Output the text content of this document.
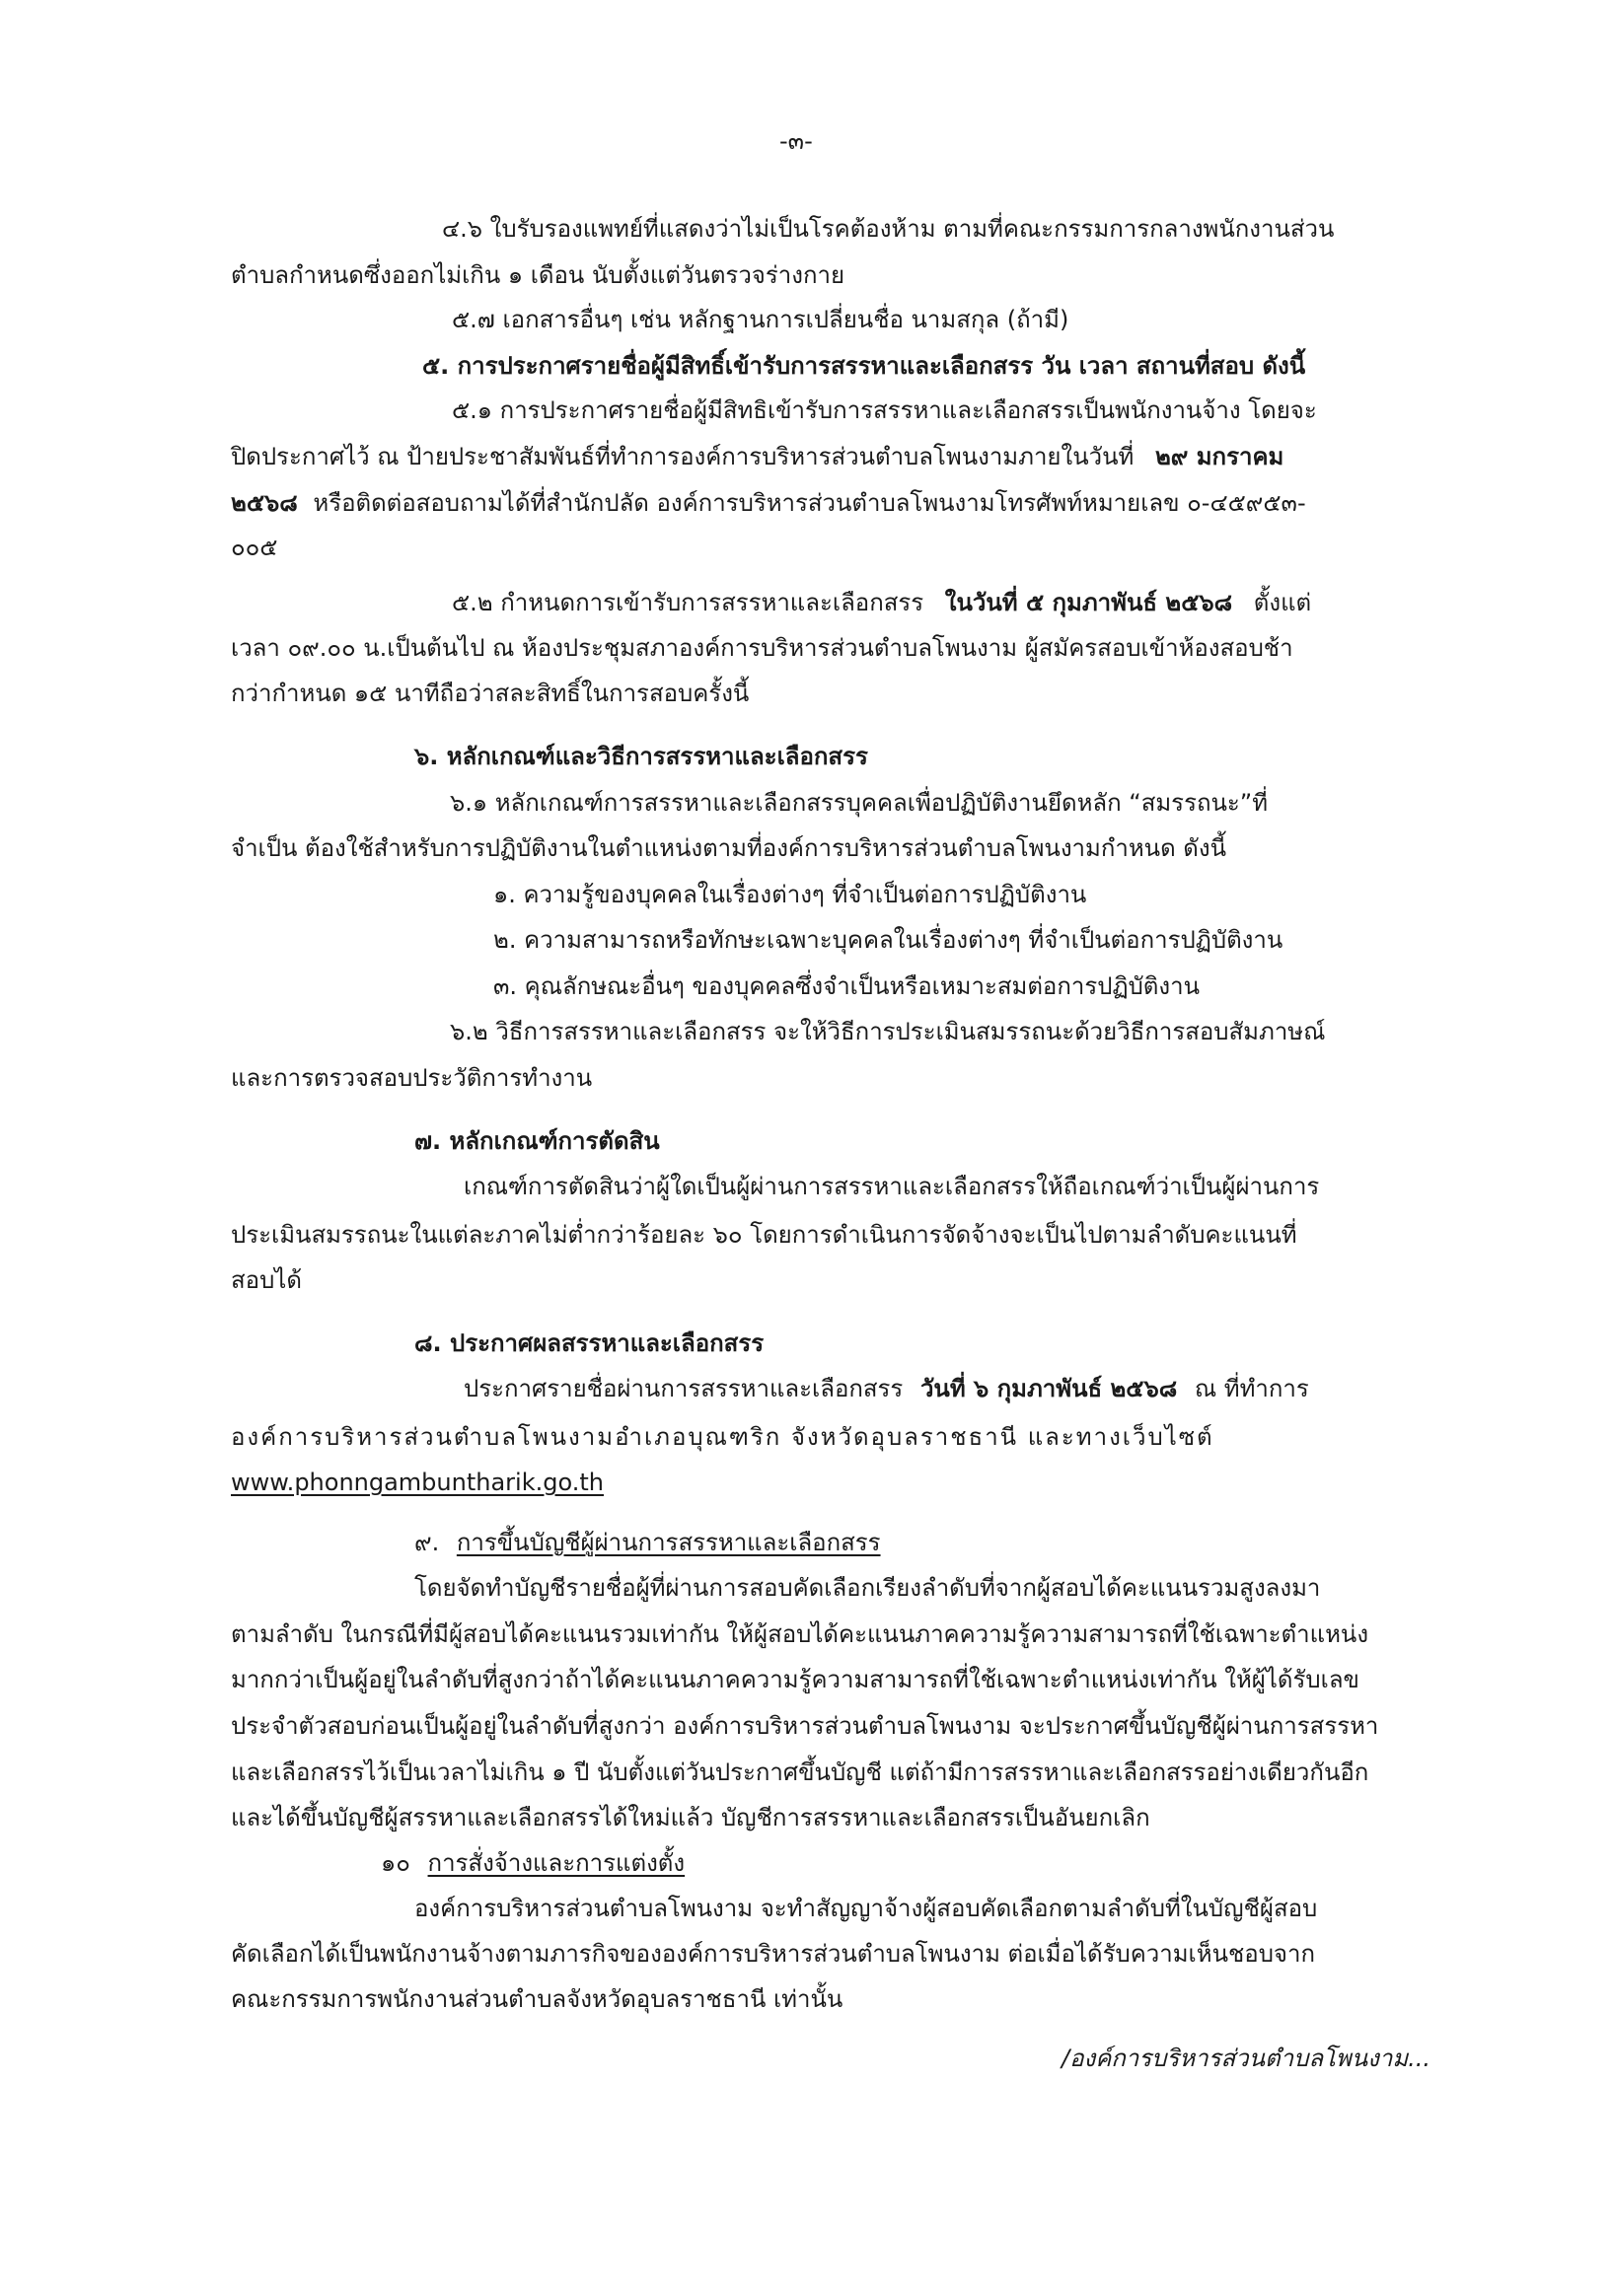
-๓-
๔.๖ ใบรับรองแพทย์ที่แสดงว่าไม่เป็นโรคต้องห้าม ตามที่คณะกรรมการกลางพนักงานส่วน
ตำบลกำหนดซึ่งออกไม่เกิน ๑ เดือน นับตั้งแต่วันตรวจร่างกาย
๕.๗ เอกสารอื่นๆ เช่น หลักฐานการเปลี่ยนชื่อ นามสกุล (ถ้ามี)
๕. การประกาศรายชื่อผู้มีสิทธิ์เข้ารับการสรรหาและเลือกสรร วัน เวลา สถานที่สอบ ดังนี้
๕.๑ การประกาศรายชื่อผู้มีสิทธิเข้ารับการสรรหาและเลือกสรรเป็นพนักงานจ้าง โดยจะ
ปิดประกาศไว้ ณ ป้ายประชาสัมพันธ์ที่ทำการองค์การบริหารส่วนตำบลโพนงามภายในวันที่ ๒๙ มกราคม
๒๕๖๘ หรือติดต่อสอบถามได้ที่สำนักปลัด องค์การบริหารส่วนตำบลโพนงามโทรศัพท์หมายเลข ๐-๔๕๙๕๓-
๐๐๕
๕.๒ กำหนดการเข้ารับการสรรหาและเลือกสรร ในวันที่ ๕ กุมภาพันธ์ ๒๕๖๘ ตั้งแต่
เวลา ๐๙.๐๐ น.เป็นต้นไป ณ ห้องประชุมสภาองค์การบริหารส่วนตำบลโพนงาม ผู้สมัครสอบเข้าห้องสอบช้า
กว่ากำหนด ๑๕ นาทีถือว่าสละสิทธิ์ในการสอบครั้งนี้
๖. หลักเกณฑ์และวิธีการสรรหาและเลือกสรร
๖.๑ หลักเกณฑ์การสรรหาและเลือกสรรบุคคลเพื่อปฏิบัติงานยึดหลัก “สมรรถนะ”ที่
จำเป็น ต้องใช้สำหรับการปฏิบัติงานในตำแหน่งตามที่องค์การบริหารส่วนตำบลโพนงามกำหนด ดังนี้
๑. ความรู้ของบุคคลในเรื่องต่างๆ ที่จำเป็นต่อการปฏิบัติงาน
๒. ความสามารถหรือทักษะเฉพาะบุคคลในเรื่องต่างๆ ที่จำเป็นต่อการปฏิบัติงาน
๓. คุณลักษณะอื่นๆ ของบุคคลซึ่งจำเป็นหรือเหมาะสมต่อการปฏิบัติงาน
๖.๒ วิธีการสรรหาและเลือกสรร จะให้วิธีการประเมินสมรรถนะด้วยวิธีการสอบสัมภาษณ์
และการตรวจสอบประวัติการทำงาน
๗. หลักเกณฑ์การตัดสิน
เกณฑ์การตัดสินว่าผู้ใดเป็นผู้ผ่านการสรรหาและเลือกสรรให้ถือเกณฑ์ว่าเป็นผู้ผ่านการ
ประเมินสมรรถนะในแต่ละภาคไม่ต่ำกว่าร้อยละ ๖๐ โดยการดำเนินการจัดจ้างจะเป็นไปตามลำดับคะแนนที่
สอบได้
๘. ประกาศผลสรรหาและเลือกสรร
ประกาศรายชื่อผ่านการสรรหาและเลือกสรร วันที่ ๖ กุมภาพันธ์ ๒๕๖๘ ณ ที่ทำการ
องค์การบริหารส่วนตำบลโพนงามอำเภอบุณฑริก จังหวัดอุบลราชธานี และทางเว็บไซต์
www.phonngambuntharik.go.th
๙. การขึ้นบัญชีผู้ผ่านการสรรหาและเลือกสรร
โดยจัดทำบัญชีรายชื่อผู้ที่ผ่านการสอบคัดเลือกเรียงลำดับที่จากผู้สอบได้คะแนนรวมสูงลงมา
ตามลำดับ ในกรณีที่มีผู้สอบได้คะแนนรวมเท่ากัน ให้ผู้สอบได้คะแนนภาคความรู้ความสามารถที่ใช้เฉพาะตำแหน่ง
มากกว่าเป็นผู้อยู่ในลำดับที่สูงกว่าถ้าได้คะแนนภาคความรู้ความสามารถที่ใช้เฉพาะตำแหน่งเท่ากัน ให้ผู้ได้รับเลข
ประจำตัวสอบก่อนเป็นผู้อยู่ในลำดับที่สูงกว่า องค์การบริหารส่วนตำบลโพนงาม จะประกาศขึ้นบัญชีผู้ผ่านการสรรหา
และเลือกสรรไว้เป็นเวลาไม่เกิน ๑ ปี นับตั้งแต่วันประกาศขึ้นบัญชี แต่ถ้ามีการสรรหาและเลือกสรรอย่างเดียวกันอีก
และได้ขึ้นบัญชีผู้สรรหาและเลือกสรรได้ใหม่แล้ว บัญชีการสรรหาและเลือกสรรเป็นอันยกเลิก
๑๐ การสั่งจ้างและการแต่งตั้ง
องค์การบริหารส่วนตำบลโพนงาม จะทำสัญญาจ้างผู้สอบคัดเลือกตามลำดับที่ในบัญชีผู้สอบ
คัดเลือกได้เป็นพนักงานจ้างตามภารกิจขององค์การบริหารส่วนตำบลโพนงาม ต่อเมื่อได้รับความเห็นชอบจาก
คณะกรรมการพนักงานส่วนตำบลจังหวัดอุบลราชธานี เท่านั้น
/องค์การบริหารส่วนตำบลโพนงาม...
